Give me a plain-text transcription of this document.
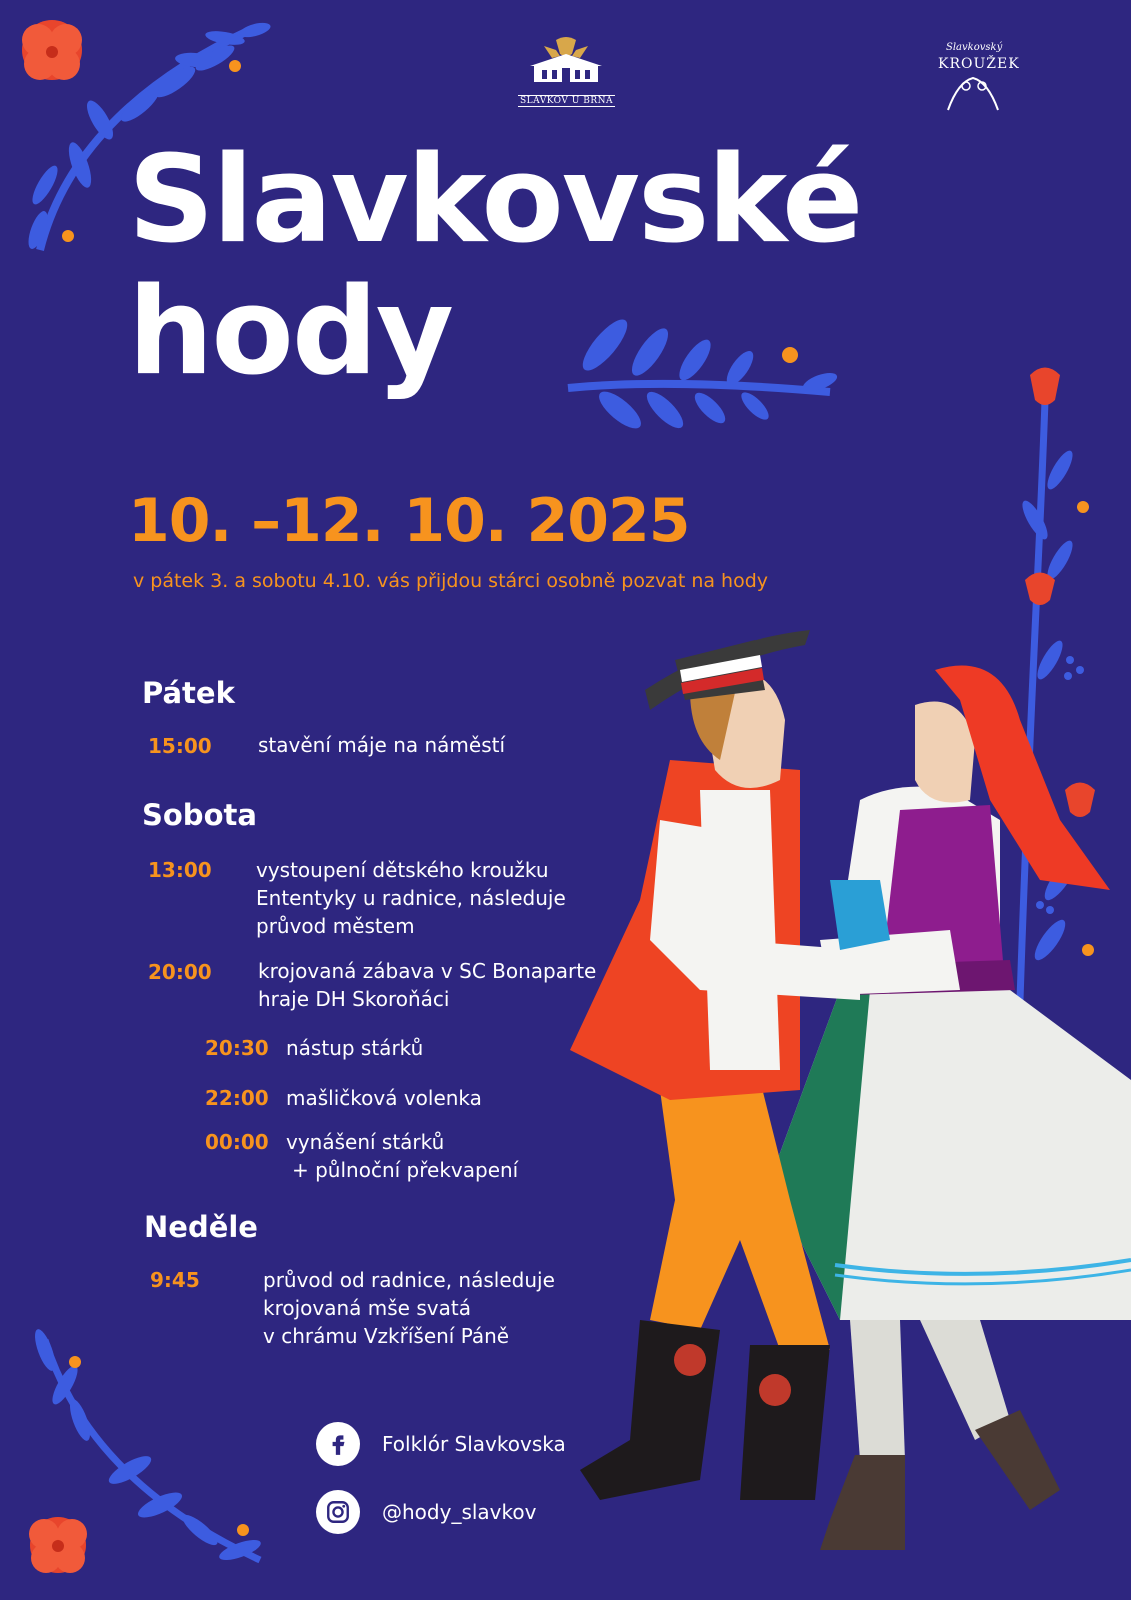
SLAVKOV U BRNA
Slavkovský
KROUŽEK
Slavkovské
hody
10. –12. 10. 2025
v pátek 3. a sobotu 4.10. vás přijdou stárci osobně pozvat na hody
Pátek
15:00 stavění máje na náměstí
Sobota
13:00 vystoupení dětského kroužku
Ententyky u radnice, následuje
průvod městem
20:00 krojovaná zábava v SC Bonaparte
hraje DH Skoroňáci
20:30 nástup stárků
22:00 mašličková volenka
00:00 vynášení stárků
+ půlnoční překvapení
Neděle
9:45	průvod od radnice, následuje
krojovaná mše svatá
v chrámu Vzkříšení Páně
Folklór Slavkovska
@hody_slavkov
